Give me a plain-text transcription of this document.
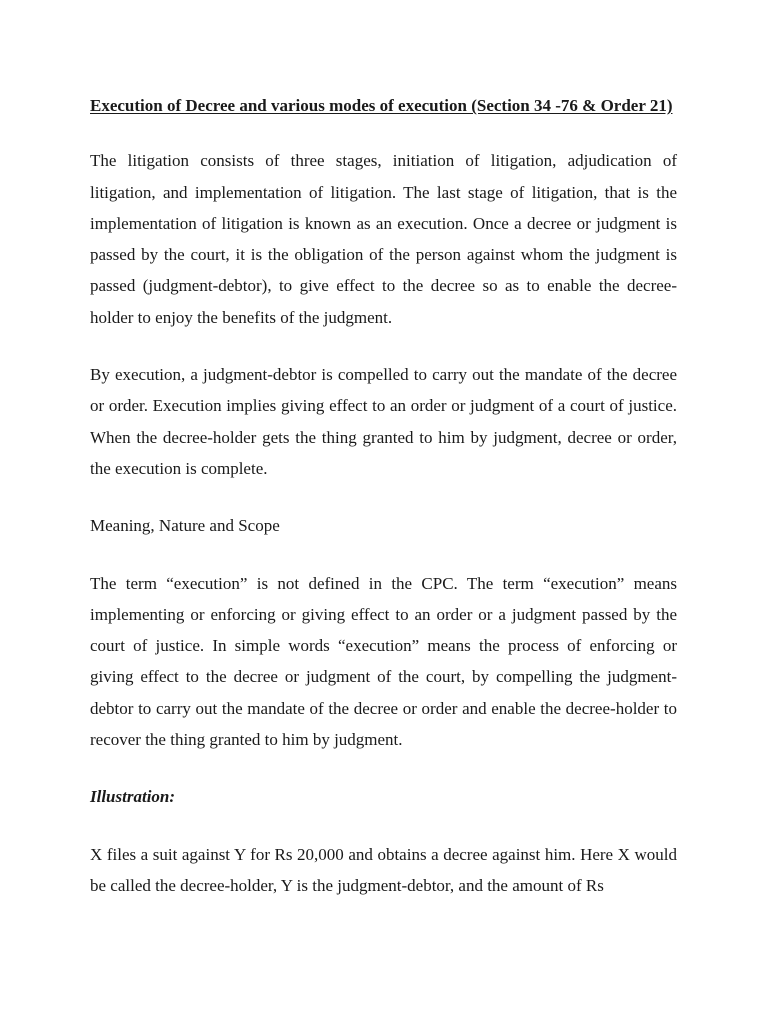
Execution of Decree and various modes of execution (Section 34 -76 & Order 21)

The litigation consists of three stages, initiation of litigation, adjudication of litigation, and implementation of litigation. The last stage of litigation, that is the implementation of litigation is known as an execution. Once a decree or judgment is passed by the court, it is the obligation of the person against whom the judgment is passed (judgment-debtor), to give effect to the decree so as to enable the decree-holder to enjoy the benefits of the judgment.

By execution, a judgment-debtor is compelled to carry out the mandate of the decree or order. Execution implies giving effect to an order or judgment of a court of justice. When the decree-holder gets the thing granted to him by judgment, decree or order, the execution is complete.

Meaning, Nature and Scope

The term “execution” is not defined in the CPC. The term “execution” means implementing or enforcing or giving effect to an order or a judgment passed by the court of justice. In simple words “execution” means the process of enforcing or giving effect to the decree or judgment of the court, by compelling the judgment-debtor to carry out the mandate of the decree or order and enable the decree-holder to recover the thing granted to him by judgment.

Illustration:

X files a suit against Y for Rs 20,000 and obtains a decree against him. Here X would be called the decree-holder, Y is the judgment-debtor, and the amount of Rs
